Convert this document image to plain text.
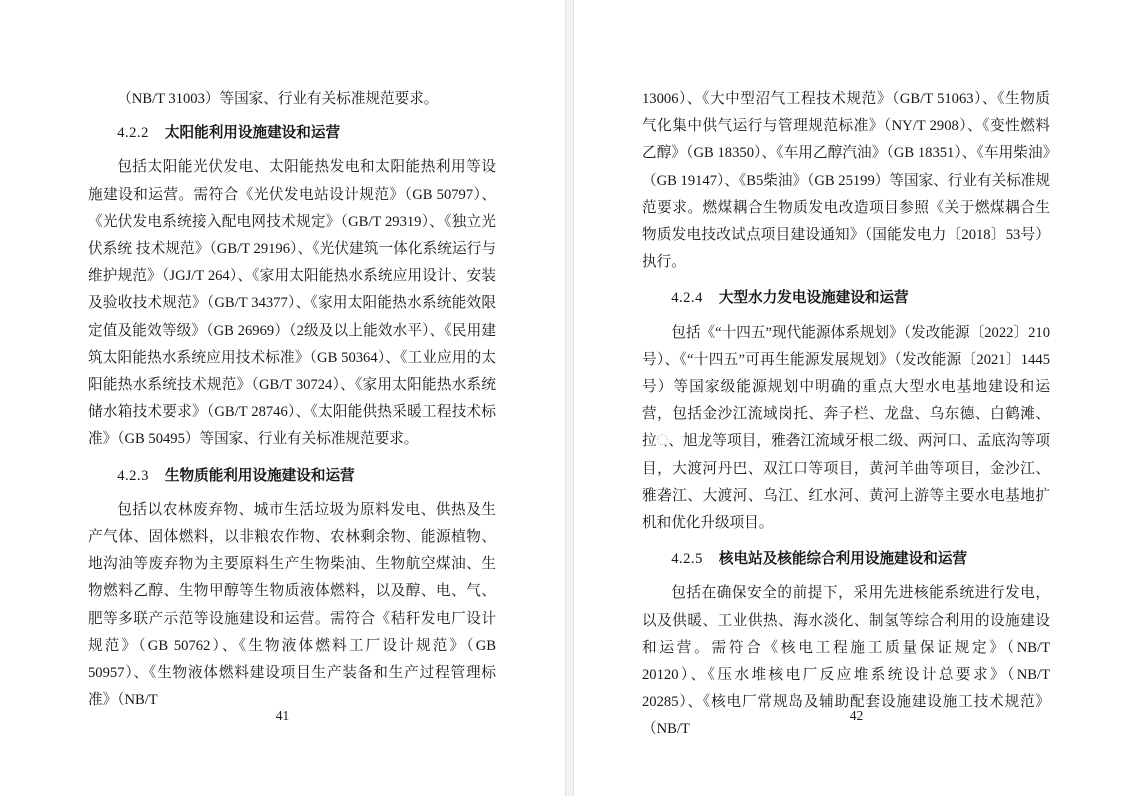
（NB/T 31003）等国家、行业有关标准规范要求。

4.2.2 太阳能利用设施建设和运营

包括太阳能光伏发电、太阳能热发电和太阳能热利用等设施建设和运营。需符合《光伏发电站设计规范》（GB 50797）、《光伏发电系统接入配电网技术规定》（GB/T 29319）、《独立光伏系统 技术规范》（GB/T 29196）、《光伏建筑一体化系统运行与维护规范》（JGJ/T 264）、《家用太阳能热水系统应用设计、安装及验收技术规范》（GB/T 34377）、《家用太阳能热水系统能效限定值及能效等级》（GB 26969）（2级及以上能效水平）、《民用建筑太阳能热水系统应用技术标准》（GB 50364）、《工业应用的太阳能热水系统技术规范》（GB/T 30724）、《家用太阳能热水系统储水箱技术要求》（GB/T 28746）、《太阳能供热采暖工程技术标准》（GB 50495）等国家、行业有关标准规范要求。

4.2.3 生物质能利用设施建设和运营

包括以农林废弃物、城市生活垃圾为原料发电、供热及生产气体、固体燃料，以非粮农作物、农林剩余物、能源植物、地沟油等废弃物为主要原料生产生物柴油、生物航空煤油、生物燃料乙醇、生物甲醇等生物质液体燃料，以及醇、电、气、肥等多联产示范等设施建设和运营。需符合《秸秆发电厂设计规范》（GB 50762）、《生物液体燃料工厂设计规范》（GB 50957）、《生物液体燃料建设项目生产装备和生产过程管理标准》（NB/T

41

13006）、《大中型沼气工程技术规范》（GB/T 51063）、《生物质气化集中供气运行与管理规范标准》（NY/T 2908）、《变性燃料乙醇》（GB 18350）、《车用乙醇汽油》（GB 18351）、《车用柴油》（GB 19147）、《B5柴油》（GB 25199）等国家、行业有关标准规范要求。燃煤耦合生物质发电改造项目参照《关于燃煤耦合生物质发电技改试点项目建设通知》（国能发电力〔2018〕53号）执行。

4.2.4 大型水力发电设施建设和运营

包括《“十四五”现代能源体系规划》（发改能源〔2022〕210号）、《“十四五”可再生能源发展规划》（发改能源〔2021〕1445号）等国家级能源规划中明确的重点大型水电基地建设和运营，包括金沙江流域岗托、奔子栏、龙盘、乌东德、白鹤滩、拉઼、旭龙等项目，雅砻江流域牙根二级、两河口、孟底沟等项目，大渡河丹巴、双江口等项目，黄河羊曲等项目，金沙江、雅砻江、大渡河、乌江、红水河、黄河上游等主要水电基地扩机和优化升级项目。

4.2.5 核电站及核能综合利用设施建设和运营

包括在确保安全的前提下，采用先进核能系统进行发电，以及供暖、工业供热、海水淡化、制氢等综合利用的设施建设和运营。需符合《核电工程施工质量保证规定》（NB/T 20120）、《压水堆核电厂反应堆系统设计总要求》（NB/T 20285）、《核电厂常规岛及辅助配套设施建设施工技术规范》（NB/T

42
